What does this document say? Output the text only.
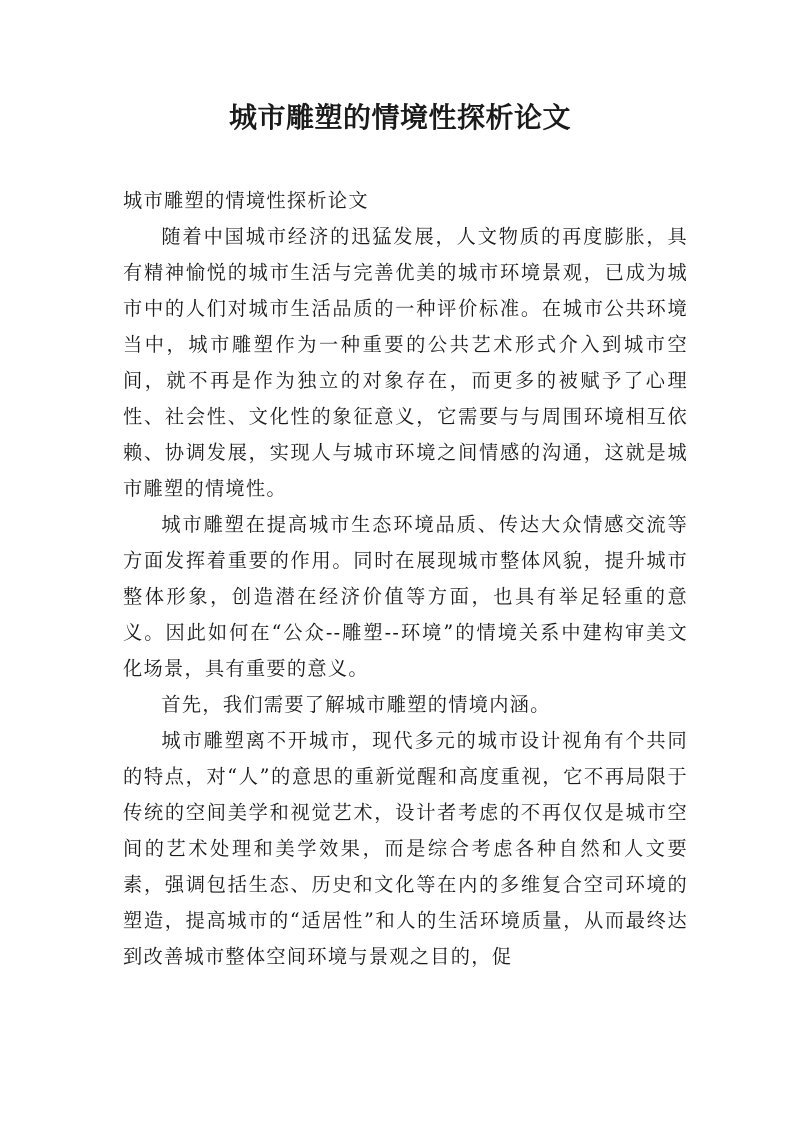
城市雕塑的情境性探析论文

城市雕塑的情境性探析论文

随着中国城市经济的迅猛发展，人文物质的再度膨胀，具有精神愉悦的城市生活与完善优美的城市环境景观，已成为城市中的人们对城市生活品质的一种评价标准。在城市公共环境当中，城市雕塑作为一种重要的公共艺术形式介入到城市空间，就不再是作为独立的对象存在，而更多的被赋予了心理性、社会性、文化性的象征意义，它需要与与周围环境相互依赖、协调发展，实现人与城市环境之间情感的沟通，这就是城市雕塑的情境性。

城市雕塑在提高城市生态环境品质、传达大众情感交流等方面发挥着重要的作用。同时在展现城市整体风貌，提升城市整体形象，创造潜在经济价值等方面，也具有举足轻重的意义。因此如何在“公众--雕塑--环境”的情境关系中建构审美文化场景，具有重要的意义。

首先，我们需要了解城市雕塑的情境内涵。

城市雕塑离不开城市，现代多元的城市设计视角有个共同的特点，对“人”的意思的重新觉醒和高度重视，它不再局限于传统的空间美学和视觉艺术，设计者考虑的不再仅仅是城市空间的艺术处理和美学效果，而是综合考虑各种自然和人文要素，强调包括生态、历史和文化等在内的多维复合空司环境的塑造，提高城市的“适居性”和人的生活环境质量，从而最终达到改善城市整体空间环境与景观之目的，促
